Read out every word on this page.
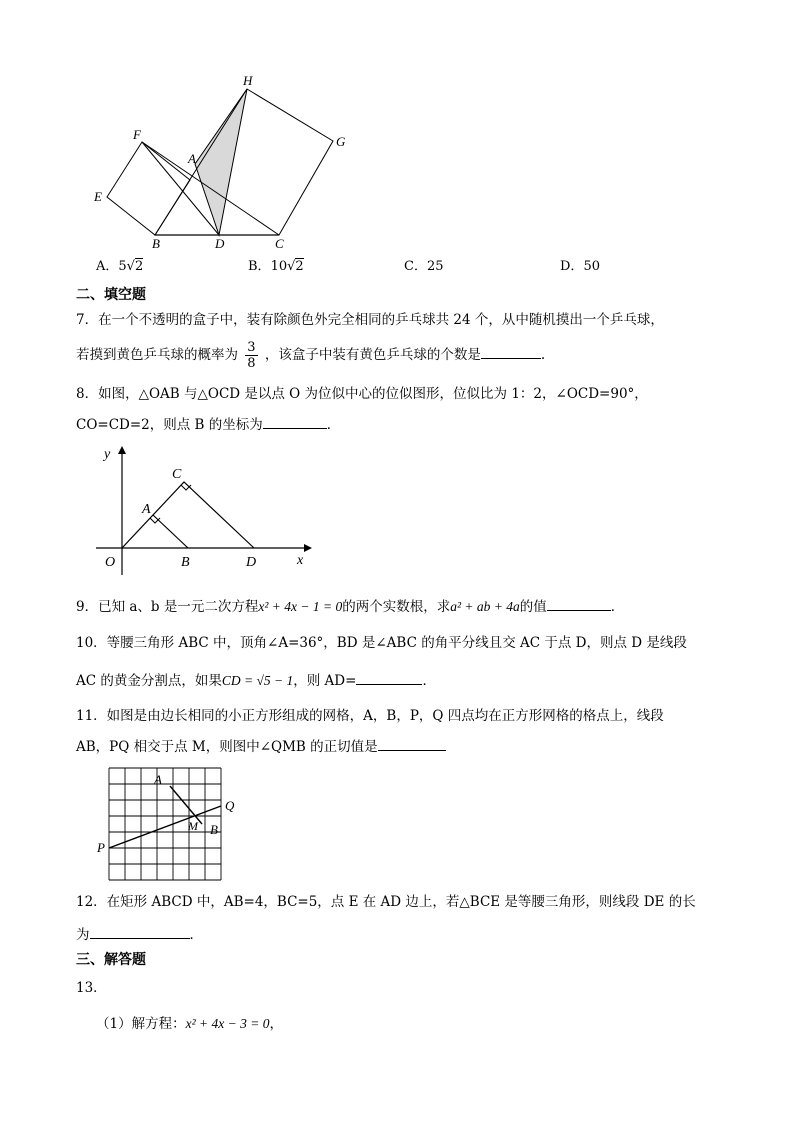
H
G
F
A
E
B	D	C
A．5√2	B．10√2	C．25	D．50
二、填空题
7．在一个不透明的盒子中，装有除颜色外完全相同的乒乓球共 24 个，从中随机摸出一个乒乓球，
若摸到黄色乒乓球的概率为 $\frac{3}{8}$ ，该盒子中装有黄色乒乓球的个数是	.
8．如图，△OAB 与△OCD 是以点 O 为位似中心的位似图形，位似比为 1：2，∠OCD=90°，
CO=CD=2，则点 B 的坐标为	．
y
x
O
A
B
C
D
9．已知 a、b 是一元二次方程x² + 4x − 1 = 0的两个实数根，求a² + ab + 4a的值	．
10．等腰三角形 ABC 中，顶角∠A=36°，BD 是∠ABC 的角平分线且交 AC 于点 D，则点 D 是线段
AC 的黄金分割点，如果CD = √5 − 1，则 AD=	．
11．如图是由边长相同的小正方形组成的网格，A，B，P，Q 四点均在正方形网格的格点上，线段
AB，PQ 相交于点 M，则图中∠QMB 的正切值是
A
Q
M B
P
12．在矩形 ABCD 中，AB=4，BC=5，点 E 在 AD 边上，若△BCE 是等腰三角形，则线段 DE 的长
为	．
三、解答题
13．
（1）解方程：x² + 4x − 3 = 0，
